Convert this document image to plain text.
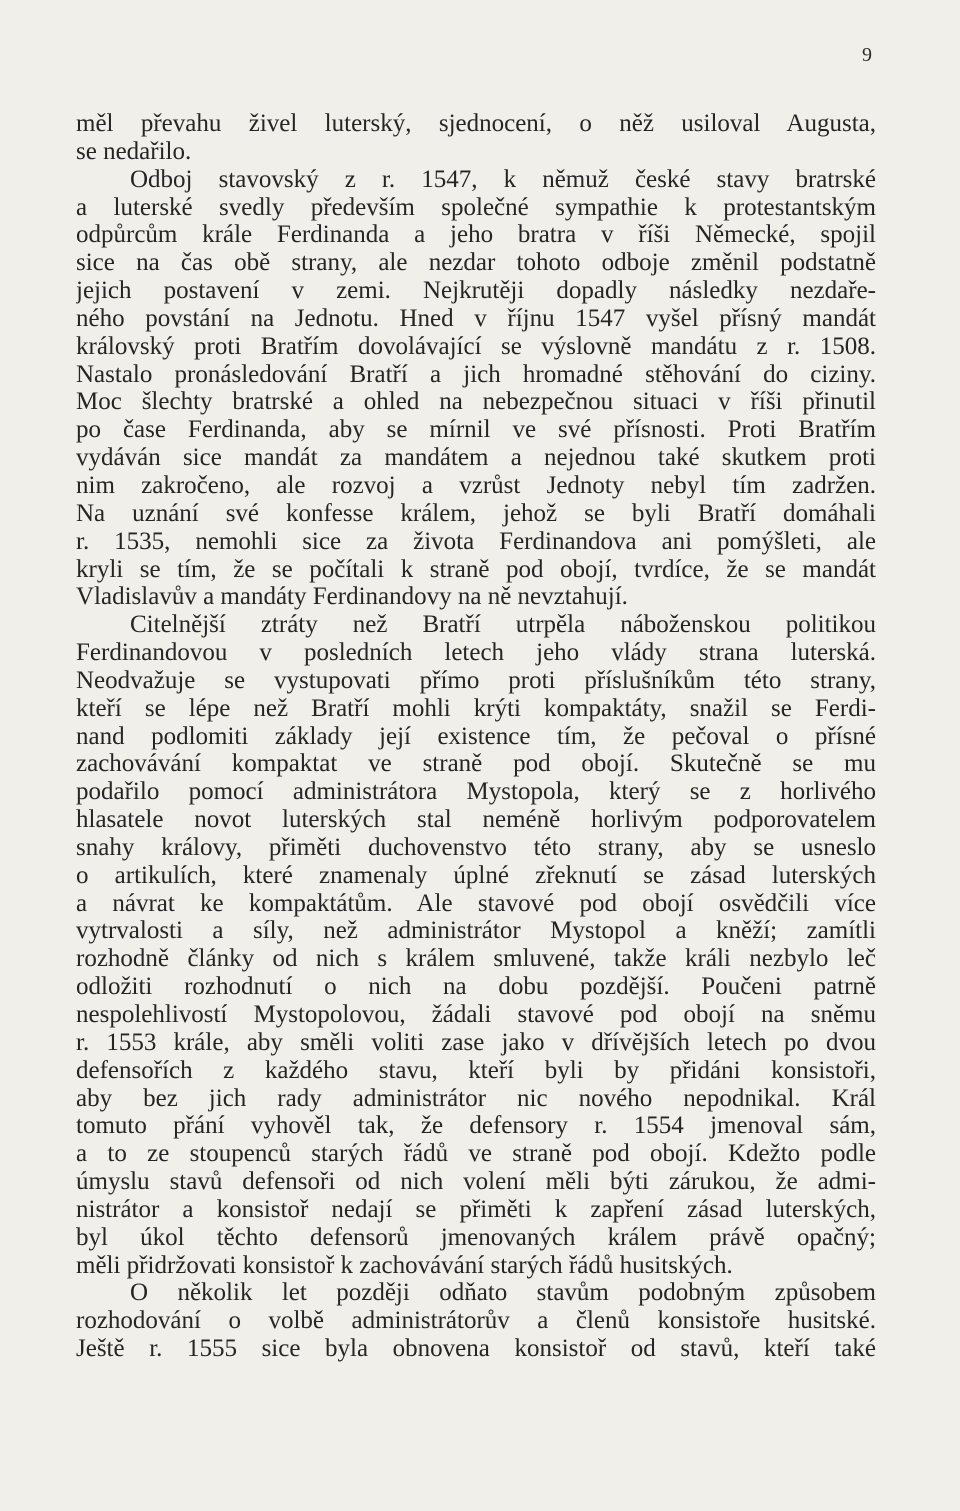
9
měl převahu živel luterský, sjednocení, o něž usiloval Augusta,
se nedařilo.
Odboj stavovský z r. 1547, k němuž české stavy bratrské
a luterské svedly především společné sympathie k protestantským
odpůrcům krále Ferdinanda a jeho bratra v říši Německé, spojil
sice na čas obě strany, ale nezdar tohoto odboje změnil podstatně
jejich postavení v zemi. Nejkrutěji dopadly následky nezdaře-
ného povstání na Jednotu. Hned v říjnu 1547 vyšel přísný mandát
královský proti Bratřím dovolávající se výslovně mandátu z r. 1508.
Nastalo pronásledování Bratří a jich hromadné stěhování do ciziny.
Moc šlechty bratrské a ohled na nebezpečnou situaci v říši přinutil
po čase Ferdinanda, aby se mírnil ve své přísnosti. Proti Bratřím
vydáván sice mandát za mandátem a nejednou také skutkem proti
nim zakročeno, ale rozvoj a vzrůst Jednoty nebyl tím zadržen.
Na uznání své konfesse králem, jehož se byli Bratří domáhali
r. 1535, nemohli sice za života Ferdinandova ani pomýšleti, ale
kryli se tím, že se počítali k straně pod obojí, tvrdíce, že se mandát
Vladislavův a mandáty Ferdinandovy na ně nevztahují.
Citelnější ztráty než Bratří utrpěla náboženskou politikou
Ferdinandovou v posledních letech jeho vlády strana luterská.
Neodvažuje se vystupovati přímo proti příslušníkům této strany,
kteří se lépe než Bratří mohli krýti kompaktáty, snažil se Ferdi-
nand podlomiti základy její existence tím, že pečoval o přísné
zachovávání kompaktat ve straně pod obojí. Skutečně se mu
podařilo pomocí administrátora Mystopola, který se z horlivého
hlasatele novot luterských stal neméně horlivým podporovatelem
snahy královy, přiměti duchovenstvo této strany, aby se usneslo
o artikulích, které znamenaly úplné zřeknutí se zásad luterských
a návrat ke kompaktátům. Ale stavové pod obojí osvědčili více
vytrvalosti a síly, než administrátor Mystopol a kněží; zamítli
rozhodně články od nich s králem smluvené, takže králi nezbylo leč
odložiti rozhodnutí o nich na dobu pozdější. Poučeni patrně
nespolehlivostí Mystopolovou, žádali stavové pod obojí na sněmu
r. 1553 krále, aby směli voliti zase jako v dřívějších letech po dvou
defensořích z každého stavu, kteří byli by přidáni konsistoři,
aby bez jich rady administrátor nic nového nepodnikal. Král
tomuto přání vyhověl tak, že defensory r. 1554 jmenoval sám,
a to ze stoupenců starých řádů ve straně pod obojí. Kdežto podle
úmyslu stavů defensoři od nich volení měli býti zárukou, že admi-
nistrátor a konsistoř nedají se přiměti k zapření zásad luterských,
byl úkol těchto defensorů jmenovaných králem právě opačný;
měli přidržovati konsistoř k zachovávání starých řádů husitských.
O několik let později odňato stavům podobným způsobem
rozhodování o volbě administrátorův a členů konsistoře husitské.
Ještě r. 1555 sice byla obnovena konsistoř od stavů, kteří také
